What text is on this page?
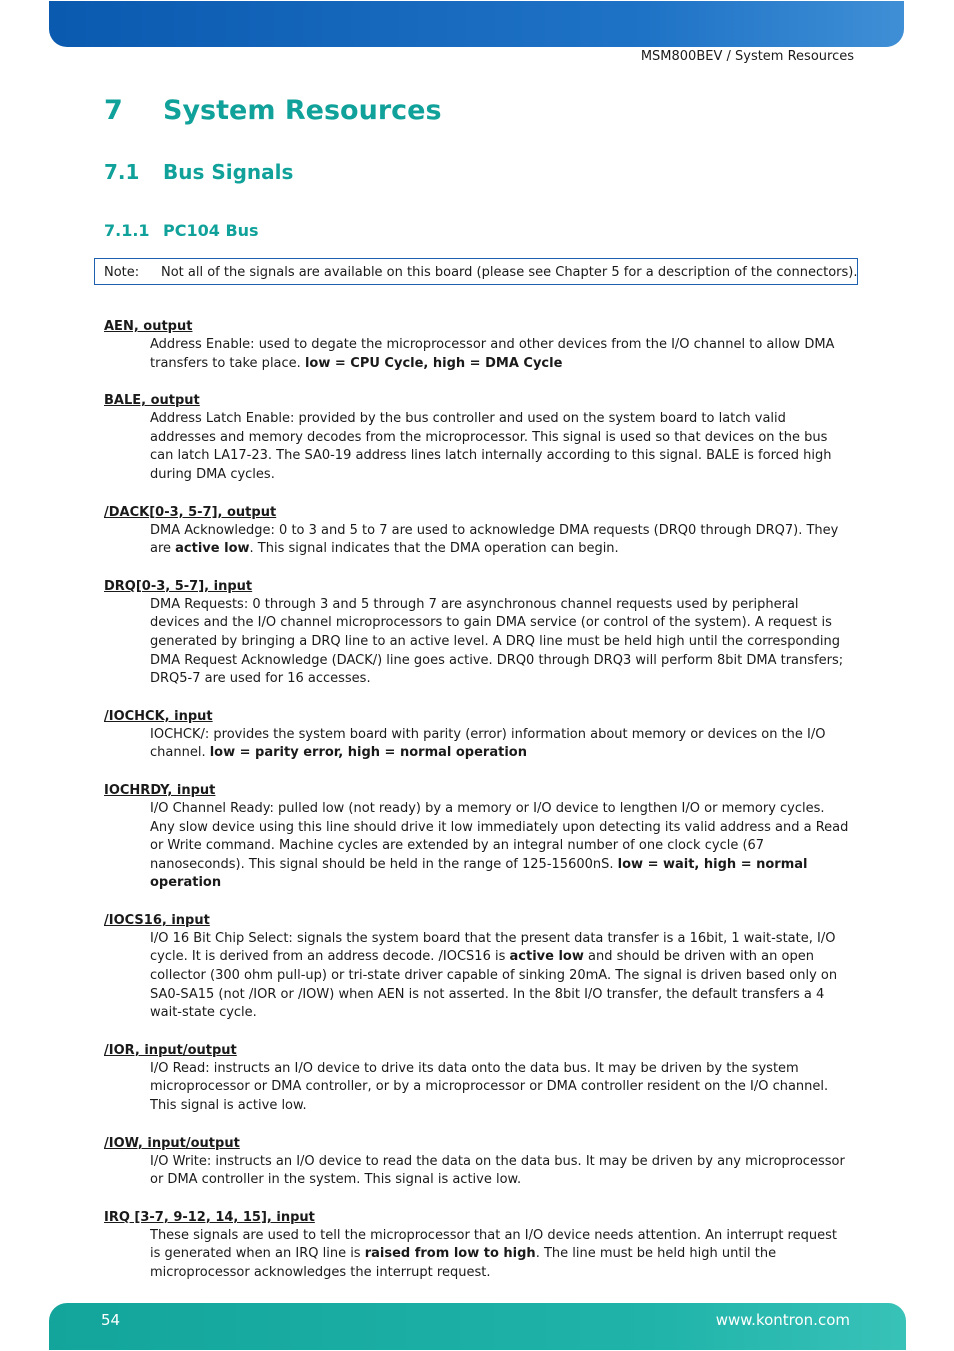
MSM800BEV / System Resources
7 System Resources
7.1 Bus Signals
7.1.1 PC104 Bus
Note: Not all of the signals are available on this board (please see Chapter 5 for a description of the connectors).

AEN, output

Address Enable: used to degate the microprocessor and other devices from the I/O channel to allow DMA transfers to take place. low = CPU Cycle, high = DMA Cycle

BALE, output

Address Latch Enable: provided by the bus controller and used on the system board to latch valid addresses and memory decodes from the microprocessor. This signal is used so that devices on the bus can latch LA17-23. The SA0-19 address lines latch internally according to this signal. BALE is forced high during DMA cycles.

/DACK[0-3, 5-7], output

DMA Acknowledge: 0 to 3 and 5 to 7 are used to acknowledge DMA requests (DRQ0 through DRQ7). They are active low. This signal indicates that the DMA operation can begin.

DRQ[0-3, 5-7], input

DMA Requests: 0 through 3 and 5 through 7 are asynchronous channel requests used by peripheral devices and the I/O channel microprocessors to gain DMA service (or control of the system). A request is generated by bringing a DRQ line to an active level. A DRQ line must be held high until the corresponding DMA Request Acknowledge (DACK/) line goes active. DRQ0 through DRQ3 will perform 8bit DMA transfers; DRQ5-7 are used for 16 accesses.

/IOCHCK, input

IOCHCK/: provides the system board with parity (error) information about memory or devices on the I/O channel. low = parity error, high = normal operation

IOCHRDY, input

I/O Channel Ready: pulled low (not ready) by a memory or I/O device to lengthen I/O or memory cycles. Any slow device using this line should drive it low immediately upon detecting its valid address and a Read or Write command. Machine cycles are extended by an integral number of one clock cycle (67 nanoseconds). This signal should be held in the range of 125-15600nS. low = wait, high = normal operation

/IOCS16, input

I/O 16 Bit Chip Select: signals the system board that the present data transfer is a 16bit, 1 wait-state, I/O cycle. It is derived from an address decode. /IOCS16 is active low and should be driven with an open collector (300 ohm pull-up) or tri-state driver capable of sinking 20mA. The signal is driven based only on SA0-SA15 (not /IOR or /IOW) when AEN is not asserted. In the 8bit I/O transfer, the default transfers a 4 wait-state cycle.

/IOR, input/output

I/O Read: instructs an I/O device to drive its data onto the data bus. It may be driven by the system microprocessor or DMA controller, or by a microprocessor or DMA controller resident on the I/O channel. This signal is active low.

/IOW, input/output

I/O Write: instructs an I/O device to read the data on the data bus. It may be driven by any microprocessor or DMA controller in the system. This signal is active low.

IRQ [3-7, 9-12, 14, 15], input

These signals are used to tell the microprocessor that an I/O device needs attention. An interrupt request is generated when an IRQ line is raised from low to high. The line must be held high until the microprocessor acknowledges the interrupt request.

54	www.kontron.com
